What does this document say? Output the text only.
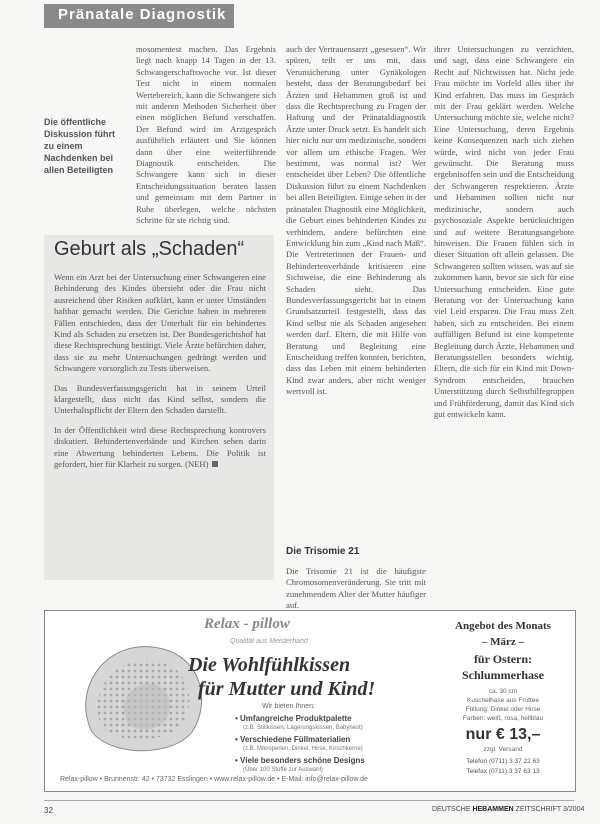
Pränatale Diagnostik
Die öffentliche Diskussion führt zu einem Nachdenken bei allen Beteiligten

mosomentest machen. Das Ergebnis liegt nach knapp 14 Tagen in der 13. Schwangerschaftswoche vor. Ist dieser Test nicht in einem normalen Wertebereich, kann die Schwangere sich mit anderen Methoden Sicherheit über einen möglichen Befund verschaffen. Der Befund wird im Arztgespräch ausführlich erläutert und Sie können dann über eine weiterführende Diagnostik entscheiden. Die Schwangere kann sich in dieser Entscheidungssituation beraten lassen und gemeinsam mit dem Partner in Ruhe überlegen, welche nächsten Schritte für sie richtig sind.

auch der Vertrauensarzt „gesessen“. Wir spüren, teilt er uns mit, dass Verunsicherung unter Gynäkologen besteht, dass der Beratungsbedarf bei Ärzten und Hebammen groß ist und dass die Rechtsprechung zu Fragen der Haftung und der Pränataldiagnostik Ärzte unter Druck setzt. Es handelt sich hier nicht nur um medizinische, sondern vor allem um ethische Fragen. Wer bestimmt, was normal ist? Wer entscheidet über Leben? Die öffentliche Diskussion führt zu einem Nachdenken bei allen Beteiligten. Einige sehen in der pränatalen Diagnostik eine Möglichkeit, die Geburt eines behinderten Kindes zu verhindern, andere befürchten eine Entwicklung hin zum „Kind nach Maß“. Die Vertreterinnen der Frauen- und Behindertenverbände kritisieren eine Sichtweise, die eine Behinderung als Schaden sieht. Das Bundesverfassungsgericht hat in einem Grundsatzurteil festgestellt, dass das Kind selbst nie als Schaden angesehen werden darf. Eltern, die mit Hilfe von Beratung und Begleitung eine Entscheidung treffen konnten, berichten, dass das Leben mit einem behinderten Kind zwar anders, aber nicht weniger wertvoll ist.

ihrer Untersuchungen zu verzichten, und sagt, dass eine Schwangere ein Recht auf Nichtwissen hat. Nicht jede Frau möchte im Vorfeld alles über ihr Kind erfahren. Das muss im Gespräch mit der Frau geklärt werden. Welche Untersuchung möchte sie, welche nicht? Eine Untersuchung, deren Ergebnis keine Konsequenzen nach sich ziehen würde, wird nicht von jeder Frau gewünscht. Die Beratung muss ergebnisoffen sein und die Entscheidung der Schwangeren respektieren. Ärzte und Hebammen sollten nicht nur medizinische, sondern auch psychosoziale Aspekte berücksichtigen und auf weitere Beratungsangebote hinweisen. Die Frauen fühlen sich in dieser Situation oft allein gelassen. Die Schwangeren sollten wissen, was auf sie zukommen kann, bevor sie sich für eine Untersuchung entscheiden. Eine gute Beratung vor der Untersuchung kann viel Leid ersparen. Die Frau muss Zeit haben, sich zu entscheiden. Bei einem auffälligen Befund ist eine kompetente Begleitung durch Ärzte, Hebammen und Beratungsstellen besonders wichtig. Eltern, die sich für ein Kind mit Down-Syndrom entscheiden, brauchen Unterstützung durch Selbsthilfegruppen und Frühförderung, damit das Kind sich gut entwickeln kann.

Geburt als „Schaden“

Wenn ein Arzt bei der Untersuchung einer Schwangeren eine Behinderung des Kindes übersieht oder die Frau nicht ausreichend über Risiken aufklärt, kann er unter Umständen haftbar gemacht werden. Die Gerichte haben in mehreren Fällen entschieden, dass der Unterhalt für ein behindertes Kind als Schaden zu ersetzen ist. Der Bundesgerichtshof hat diese Rechtsprechung bestätigt. Viele Ärzte befürchten daher, dass sie zu mehr Untersuchungen gedrängt werden und Schwangere vorsorglich zu Tests überweisen.

Das Bundesverfassungsgericht hat in seinem Urteil klargestellt, dass nicht das Kind selbst, sondern die Unterhaltspflicht der Eltern den Schaden darstellt.

In der Öffentlichkeit wird diese Rechtsprechung kontrovers diskutiert. Behindertenverbände und Kirchen sehen darin eine Abwertung behinderten Lebens. Die Politik ist gefordert, hier für Klarheit zu sorgen. (NEH)

Die Trisomie 21

Die Trisomie 21 ist die häufigste Chromosomenveränderung. Sie tritt mit zunehmendem Alter der Mutter häufiger auf.

Relax - pillow
Qualität aus Meisterhand
Die Wohlfühlkissen
für Mutter und Kind!
Wir bieten Ihnen:
• Umfangreiche Produktpalette
(z.B. Stillkissen, Lagerungskissen, Babynest)
• Verschiedene Füllmaterialien
(z.B. Mikroperlen, Dinkel, Hirse, Kirschkerne)
• Viele besonders schöne Designs
(Über 100 Stoffe zur Auswahl)
Relax-pillow • Brunnenstr. 42 • 73732 Esslingen • www.relax-pillow.de • E-Mail: info@relax-pillow.de
Angebot des Monats
– März –
für Ostern:
Schlummerhase
ca. 30 cm
Kuschelhase aus Frottee
Füllung: Dinkel oder Hirse
Farben: weiß, rosa, hellblau
nur € 13,–
zzgl. Versand
Telefon (0711) 3 37 22 63
Telefax (0711) 3 37 63 13
32	DEUTSCHE HEBAMMEN ZEITSCHRIFT 3/2004
